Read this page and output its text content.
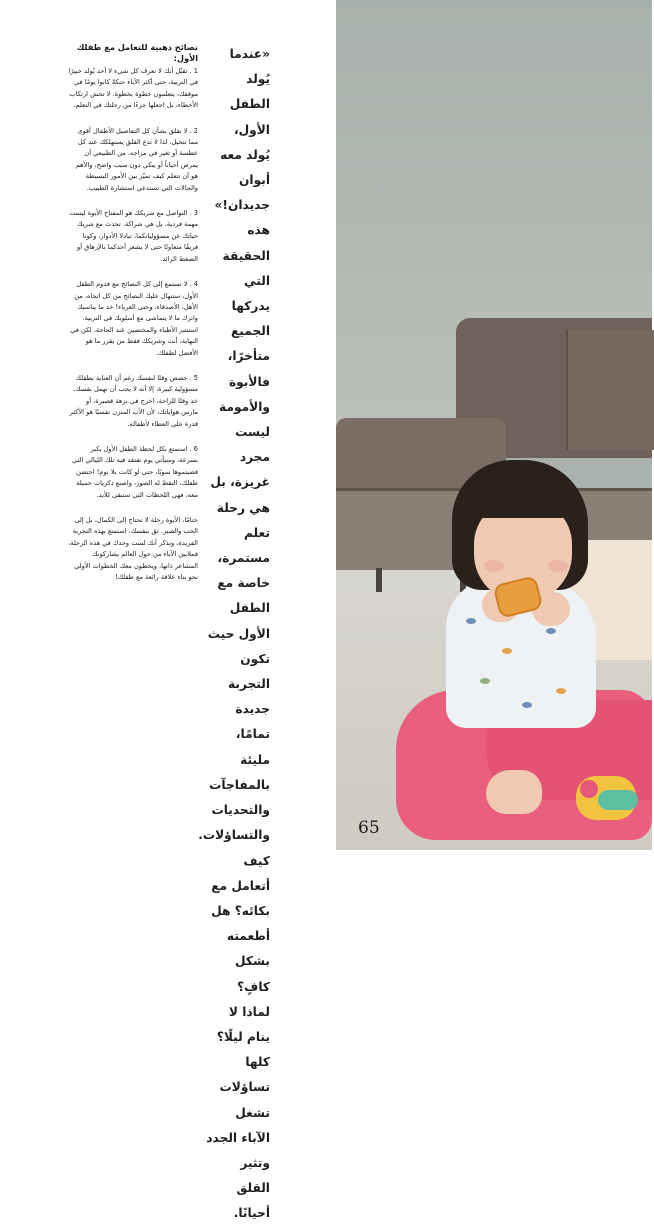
نصائح ذهبية للتعامل مع طفلك الأول:
1 . تقبّل أنك لا تعرف كل شيء لا أحد يُولد خبيرًا في التربية، حتى أكثر الآباء حنكةً كانوا يومًا في موقفك، يتعلمون خطوة بخطوة. لا تخش ارتكاب الأخطاء، بل اجعلها جزءًا من رحلتك في التعلم.
2 . لا تقلق بشأن كل التفاصيل الأطفال أقوى مما تتخيل، لذا لا تدع القلق يستهلكك عند كل عطسة أو تغير في مزاجه. من الطبيعي أن يمرض أحياناً أو يبكي دون سبب واضح، والأهم هو أن تتعلم كيف تميّز بين الأمور البسيطة والحالات التي تستدعي استشارة الطبيب.
3 . التواصل مع شريكك هو المفتاح الأبوة ليست مهمة فردية، بل هي شراكة. تحدث مع شريك حياتك عن مسؤولياتكما، تبادلا الأدوار، وكونا فريقًا متعاونًا حتى لا يشعر أحدكما بالإرهاق أو الضغط الزائد.
4 . لا تستمع إلى كل النصائح مع قدوم الطفل الأول، ستنهال عليك النصائح من كل اتجاه، من الأهل، الأصدقاء، وحتى الغرباء! خذ ما يناسبك واترك ما لا يتماشى مع أسلوبك في التربية. استشر الأطباء والمختصين عند الحاجة، لكن في النهاية، أنت وشريكك فقط من يقرر ما هو الأفضل لطفلك.
5 . خصص وقتًا لنفسك رغم أن العناية بطفلك مسؤولية كبيرة، إلا أنه لا يجب أن تهمل نفسك. خذ وقتًا للراحة، اخرج في نزهة قصيرة، أو مارس هواياتك، لأن الأب المتزن نفسيًا هو الأكثر قدرة على العطاء لأطفاله.
6 . استمتع بكل لحظة الطفل الأول يكبر بسرعة، وسيأتي يوم تفتقد فيه تلك الليالي التي قضيتموها سويًا، حتى لو كانت بلا نوم! احتضن طفلك، التقط له الصور، واصنع ذكريات جميلة معه، فهي اللحظات التي ستبقى للأبد.
ختامًا، الأبوة رحلة لا تحتاج إلى الكمال، بل إلى الحب والصبر. ثق بنفسك، استمتع بهذه التجربة الفريدة، وتذكر أنك لست وحدك في هذه الرحلة، فملايين الآباء من حول العالم يشاركونك المشاعر ذاتها، ويخطون معك الخطوات الأولى نحو بناء علاقة رائعة مع طفلك!
«عندما يُولد الطفل الأول، يُولد معه أبوان جديدان!» هذه الحقيقة التي يدركها الجميع متأخرًا، فالأبوة والأمومة ليست مجرد غريزة، بل هي رحلة تعلم مستمرة، خاصة مع الطفل الأول حيث تكون التجربة جديدة تمامًا، مليئة بالمفاجآت والتحديات والتساؤلات. كيف أتعامل مع بكائه؟ هل أطعمته بشكل كافٍ؟ لماذا لا ينام ليلًا؟ كلها تساؤلات تشغل الآباء الجدد وتثير القلق أحيانًا.
65
